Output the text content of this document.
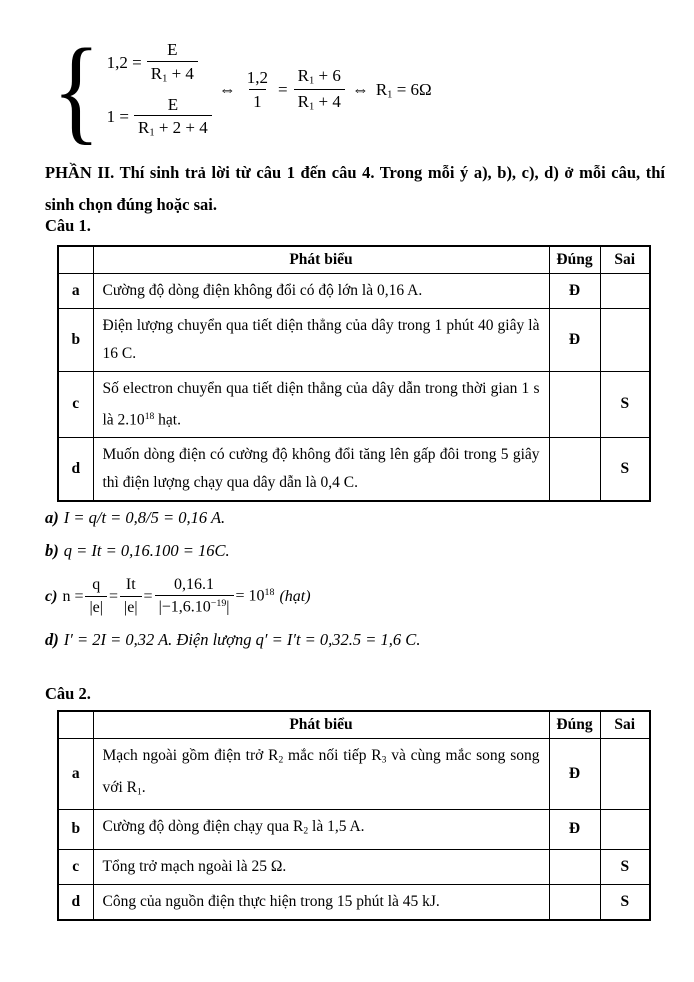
{ $1,2 = \frac{E}{R_1 + 4}$
$1 = \frac{E}{R_1 + 2 + 4}$
⇔ $\frac{1,2}{1} = \frac{R_1 + 6}{R_1 + 4}$ ⇔ $R_1 = 6\Omega$

PHẦN II. Thí sinh trả lời từ câu 1 đến câu 4. Trong mỗi ý a), b), c), d) ở mỗi câu, thí sinh chọn đúng hoặc sai.

Câu 1.

	Phát biểu	Đúng	Sai
a	Cường độ dòng điện không đổi có độ lớn là 0,16 A.	Đ	
b	Điện lượng chuyển qua tiết diện thẳng của dây trong 1 phút 40 giây là 16 C.	Đ	
c	Số electron chuyển qua tiết diện thẳng của dây dẫn trong thời gian 1 s là 2.10$^{18}$ hạt.		S
d	Muốn dòng điện có cường độ không đổi tăng lên gấp đôi trong 5 giây thì điện lượng chạy qua dây dẫn là 0,4 C.		S

a) I = q/t = 0,8/5 = 0,16 A.

b) q = It = 0,16.100 = 16C.

c) $n = \frac{q}{|e|} = \frac{It}{|e|} = \frac{0,16.1}{|-1,6.10^{-19}|} = 10^{18}$ (hạt)

d) I′ = 2I = 0,32 A. Điện lượng q′ = I′t = 0,32.5 = 1,6 C.

Câu 2.

	Phát biểu	Đúng	Sai
a	Mạch ngoài gồm điện trở $R_2$ mắc nối tiếp $R_3$ và cùng mắc song song với $R_1$.	Đ	
b	Cường độ dòng điện chạy qua $R_2$ là 1,5 A.	Đ	
c	Tổng trở mạch ngoài là 25 Ω.		S
d	Công của nguồn điện thực hiện trong 15 phút là 45 kJ.		S
